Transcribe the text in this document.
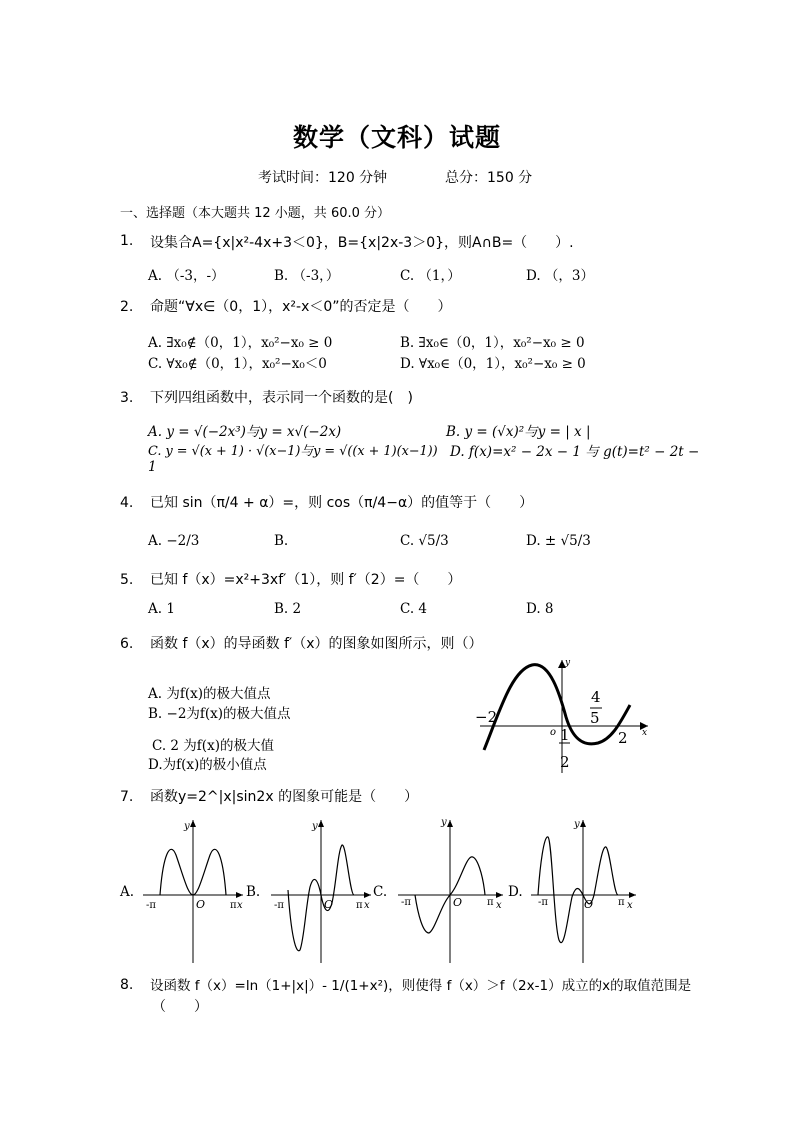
数学（文科）试题
考试时间：120 分钟	总分：150 分
一、选择题（本大题共 12 小题，共 60.0 分）
1. 设集合A={x|x²-4x+3＜0}，B={x|2x-3＞0}，则A∩B=（　　）.
A. （-3，-）	B. （-3，）	C. （1，）	D. （，3）
2. 命题“∀x∈（0，1），x²-x＜0”的否定是（　　）
A. ∃x₀∉（0，1），x₀²−x₀ ≥ 0	B. ∃x₀∈（0，1），x₀²−x₀ ≥ 0
C. ∀x₀∉（0，1），x₀²−x₀＜0	D. ∀x₀∈（0，1），x₀²−x₀ ≥ 0
3. 下列四组函数中，表示同一个函数的是(　)
A. y = √(−2x³)与y = x√(−2x)	B. y = (√x)²与y = | x |
C. y = √(x + 1) · √(x−1)与y = √((x + 1)(x−1)) D. f(x)=x² − 2x − 1 与 g(t)=t² − 2t −
1
4. 已知 sin（π/4 + α）=，则 cos（π/4−α）的值等于（　　）
A. −2/3	B.	C. √5/3	D. ± √5/3
5. 已知 f（x）=x²+3xf′（1），则 f′（2）=（　　）
A. 1	B. 2	C. 4	D. 8
6. 函数 f（x）的导函数 f′（x）的图象如图所示，则（）
A. 为f(x)的极大值点
B. −2为f(x)的极大值点
C. 2 为f(x)的极大值
D.为f(x)的极小值点
−2
4
5
o 1
2
2
y
x
7. 函数y=2^|x|sin2x 的图象可能是（　　）
A.	B.	C.	D.
y
-π	O π x
y
-π	O π x
y
-π	O π x
y
-π	O π x
8. 设函数 f（x）=ln（1+|x|）- 1/(1+x²)，则使得 f（x）＞f（2x-1）成立的x的取值范围是
（　　）
